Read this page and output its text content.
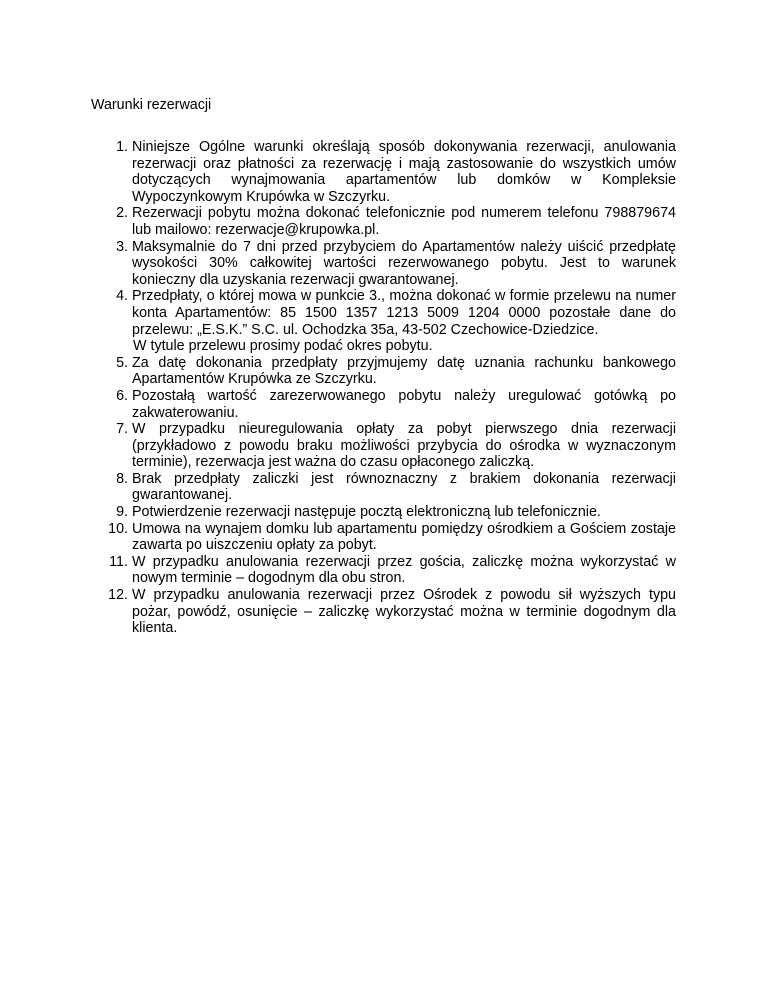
Warunki rezerwacji
1. Niniejsze Ogólne warunki określają sposób dokonywania rezerwacji, anulowania rezerwacji oraz płatności za rezerwację i mają zastosowanie do wszystkich umów dotyczących wynajmowania apartamentów lub domków w Kompleksie Wypoczynkowym Krupówka w Szczyrku.
2. Rezerwacji pobytu można dokonać telefonicznie pod numerem telefonu 798879674 lub mailowo: rezerwacje@krupowka.pl.
3. Maksymalnie do 7 dni przed przybyciem do Apartamentów należy uiścić przedpłatę wysokości 30% całkowitej wartości rezerwowanego pobytu. Jest to warunek konieczny dla uzyskania rezerwacji gwarantowanej.
4. Przedpłaty, o której mowa w punkcie 3., można dokonać w formie przelewu na numer konta Apartamentów: 85 1500 1357 1213 5009 1204 0000 pozostałe dane do przelewu: „E.S.K.” S.C. ul. Ochodzka 35a, 43-502 Czechowice-Dziedzice.
W tytule przelewu prosimy podać okres pobytu.
5. Za datę dokonania przedpłaty przyjmujemy datę uznania rachunku bankowego Apartamentów Krupówka ze Szczyrku.
6. Pozostałą wartość zarezerwowanego pobytu należy uregulować gotówką po zakwaterowaniu.
7. W przypadku nieuregulowania opłaty za pobyt pierwszego dnia rezerwacji (przykładowo z powodu braku możliwości przybycia do ośrodka w wyznaczonym terminie), rezerwacja jest ważna do czasu opłaconego zaliczką.
8. Brak przedpłaty zaliczki jest równoznaczny z brakiem dokonania rezerwacji gwarantowanej.
9. Potwierdzenie rezerwacji następuje pocztą elektroniczną lub telefonicznie.
10. Umowa na wynajem domku lub apartamentu pomiędzy ośrodkiem a Gościem zostaje zawarta po uiszczeniu opłaty za pobyt.
11. W przypadku anulowania rezerwacji przez gościa, zaliczkę można wykorzystać w nowym terminie – dogodnym dla obu stron.
12. W przypadku anulowania rezerwacji przez Ośrodek z powodu sił wyższych typu pożar, powódź, osunięcie – zaliczkę wykorzystać można w terminie dogodnym dla klienta.
